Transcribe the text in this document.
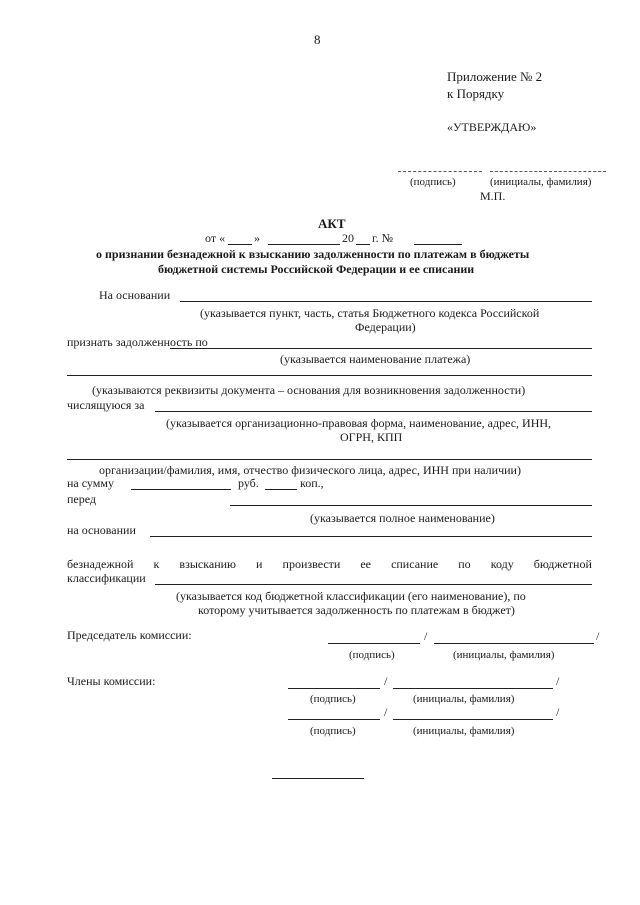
8
Приложение № 2
к Порядку
«УТВЕРЖДАЮ»
(подпись)	(инициалы, фамилия)
М.П.
АКТ
от « »	20 г. №
о признании безнадежной к взысканию задолженности по платежам в бюджеты
бюджетной системы Российской Федерации и ее списании
На основании
(указывается пункт, часть, статья Бюджетного кодекса Российской
Федерации)
признать задолженность по
(указывается наименование платежа)
(указываются реквизиты документа – основания для возникновения задолженности)
числящуюся за
(указывается организационно-правовая форма, наименование, адрес, ИНН,
ОГРН, КПП
организации/фамилия, имя, отчество физического лица, адрес, ИНН при наличии)
на сумму	руб.	коп.,
перед
(указывается полное наименование)
на основании
безнадежной к взысканию и произвести ее списание по коду бюджетной
классификации
(указывается код бюджетной классификации (его наименование), по
которому учитывается задолженность по платежам в бюджет)
Председатель комиссии:	/	/
(подпись)	(инициалы, фамилия)
Члены комиссии:	/	/
(подпись)	(инициалы, фамилия)
/	/
(подпись)	(инициалы, фамилия)
